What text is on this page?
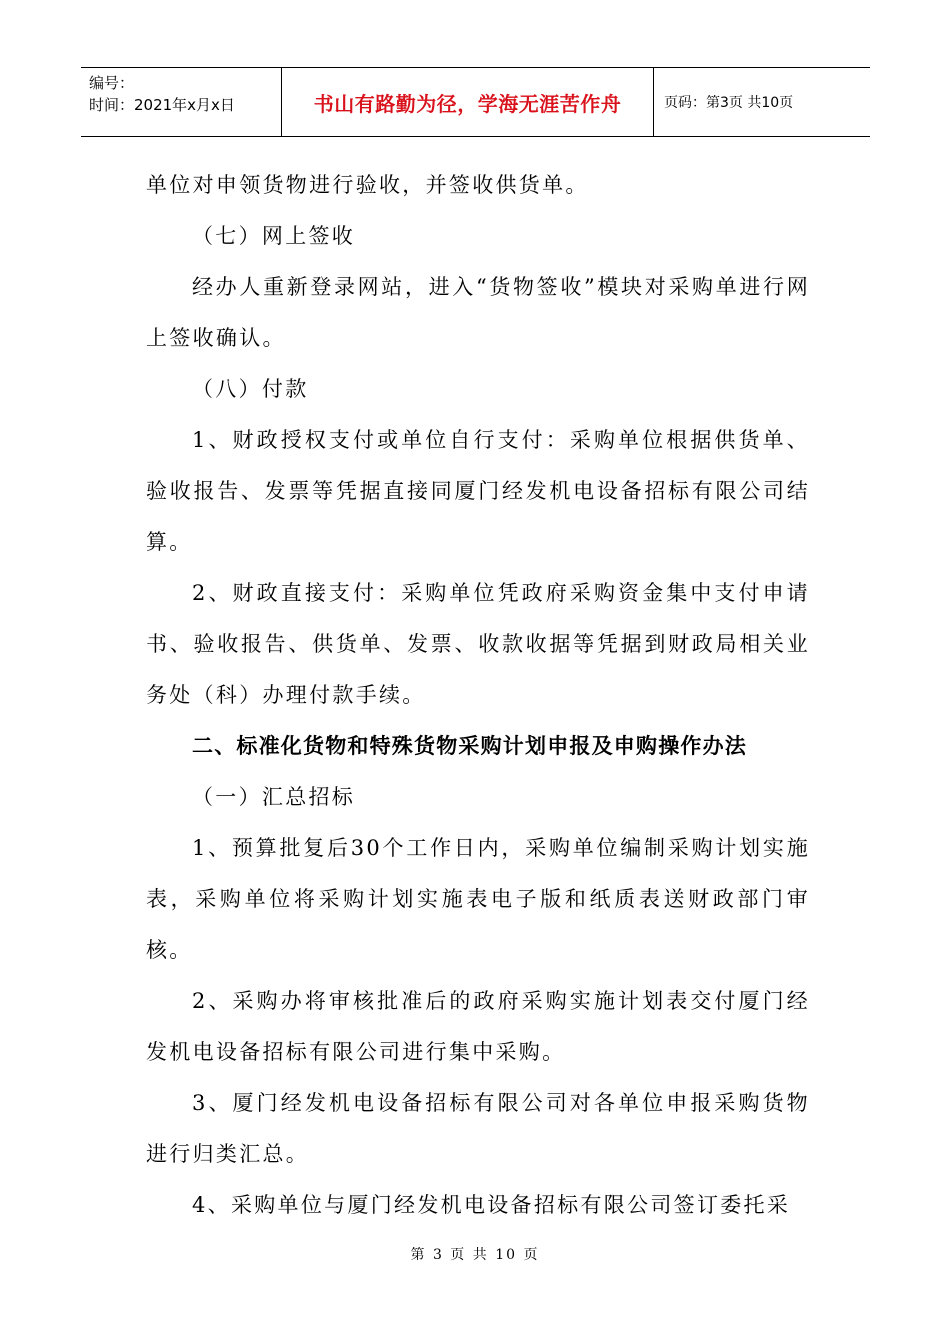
编号：
时间：2021年x月x日	书山有路勤为径，学海无涯苦作舟	页码：第3页 共10页

单位对申领货物进行验收，并签收供货单。

（七）网上签收

经办人重新登录网站，进入“货物签收”模块对采购单进行网上签收确认。

（八）付款

1、财政授权支付或单位自行支付：采购单位根据供货单、验收报告、发票等凭据直接同厦门经发机电设备招标有限公司结算。

2、财政直接支付：采购单位凭政府采购资金集中支付申请书、验收报告、供货单、发票、收款收据等凭据到财政局相关业务处（科）办理付款手续。

二、标准化货物和特殊货物采购计划申报及申购操作办法

（一）汇总招标

1、预算批复后30个工作日内，采购单位编制采购计划实施表，采购单位将采购计划实施表电子版和纸质表送财政部门审核。

2、采购办将审核批准后的政府采购实施计划表交付厦门经发机电设备招标有限公司进行集中采购。

3、厦门经发机电设备招标有限公司对各单位申报采购货物进行归类汇总。

4、采购单位与厦门经发机电设备招标有限公司签订委托采

第 3 页 共 10 页
